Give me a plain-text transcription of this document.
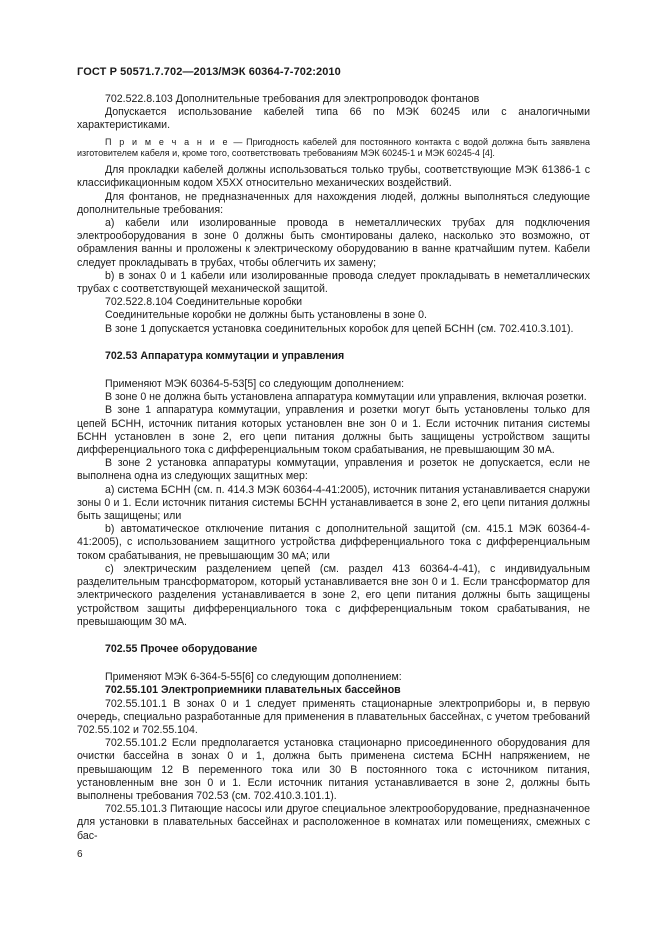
ГОСТ Р 50571.7.702—2013/МЭК 60364-7-702:2010

702.522.8.103 Дополнительные требования для электропроводок фонтанов

Допускается использование кабелей типа 66 по МЭК 60245 или с аналогичными характеристиками.

П р и м е ч а н и е — Пригодность кабелей для постоянного контакта с водой должна быть заявлена изготовителем кабеля и, кроме того, соответствовать требованиям МЭК 60245-1 и МЭК 60245-4 [4].

Для прокладки кабелей должны использоваться только трубы, соответствующие МЭК 61386-1 с классификационным кодом Х5ХХ относительно механических воздействий.

Для фонтанов, не предназначенных для нахождения людей, должны выполняться следующие дополнительные требования:

a) кабели или изолированные провода в неметаллических трубах для подключения электрооборудования в зоне 0 должны быть смонтированы далеко, насколько это возможно, от обрамления ванны и проложены к электрическому оборудованию в ванне кратчайшим путем. Кабели следует прокладывать в трубах, чтобы облегчить их замену;

b) в зонах 0 и 1 кабели или изолированные провода следует прокладывать в неметаллических трубах с соответствующей механической защитой.

702.522.8.104 Соединительные коробки

Соединительные коробки не должны быть установлены в зоне 0.

В зоне 1 допускается установка соединительных коробок для цепей БСНН (см. 702.410.3.101).

702.53 Аппаратура коммутации и управления

Применяют МЭК 60364-5-53[5] со следующим дополнением:

В зоне 0 не должна быть установлена аппаратура коммутации или управления, включая розетки.

В зоне 1 аппаратура коммутации, управления и розетки могут быть установлены только для цепей БСНН, источник питания которых установлен вне зон 0 и 1. Если источник питания системы БСНН установлен в зоне 2, его цепи питания должны быть защищены устройством защиты дифференциального тока с дифференциальным током срабатывания, не превышающим 30 мА.

В зоне 2 установка аппаратуры коммутации, управления и розеток не допускается, если не выполнена одна из следующих защитных мер:

a) система БСНН (см. п. 414.3 МЭК 60364-4-41:2005), источник питания устанавливается снаружи зоны 0 и 1. Если источник питания системы БСНН устанавливается в зоне 2, его цепи питания должны быть защищены; или

b) автоматическое отключение питания с дополнительной защитой (см. 415.1 МЭК 60364-4-41:2005), с использованием защитного устройства дифференциального тока с дифференциальным током срабатывания, не превышающим 30 мА; или

c) электрическим разделением цепей (см. раздел 413 60364-4-41), с индивидуальным разделительным трансформатором, который устанавливается вне зон 0 и 1. Если трансформатор для электрического разделения устанавливается в зоне 2, его цепи питания должны быть защищены устройством защиты дифференциального тока с дифференциальным током срабатывания, не превышающим 30 мА.

702.55 Прочее оборудование

Применяют МЭК 6-364-5-55[6] со следующим дополнением:

702.55.101 Электроприемники плавательных бассейнов

702.55.101.1 В зонах 0 и 1 следует применять стационарные электроприборы и, в первую очередь, специально разработанные для применения в плавательных бассейнах, с учетом требований 702.55.102 и 702.55.104.

702.55.101.2 Если предполагается установка стационарно присоединенного оборудования для очистки бассейна в зонах 0 и 1, должна быть применена система БСНН напряжением, не превышающим 12 В переменного тока или 30 В постоянного тока с источником питания, установленным вне зон 0 и 1. Если источник питания устанавливается в зоне 2, должны быть выполнены требования 702.53 (см. 702.410.3.101.1).

702.55.101.3 Питающие насосы или другое специальное электрооборудование, предназначенное для установки в плавательных бассейнах и расположенное в комнатах или помещениях, смежных с бас-

6
